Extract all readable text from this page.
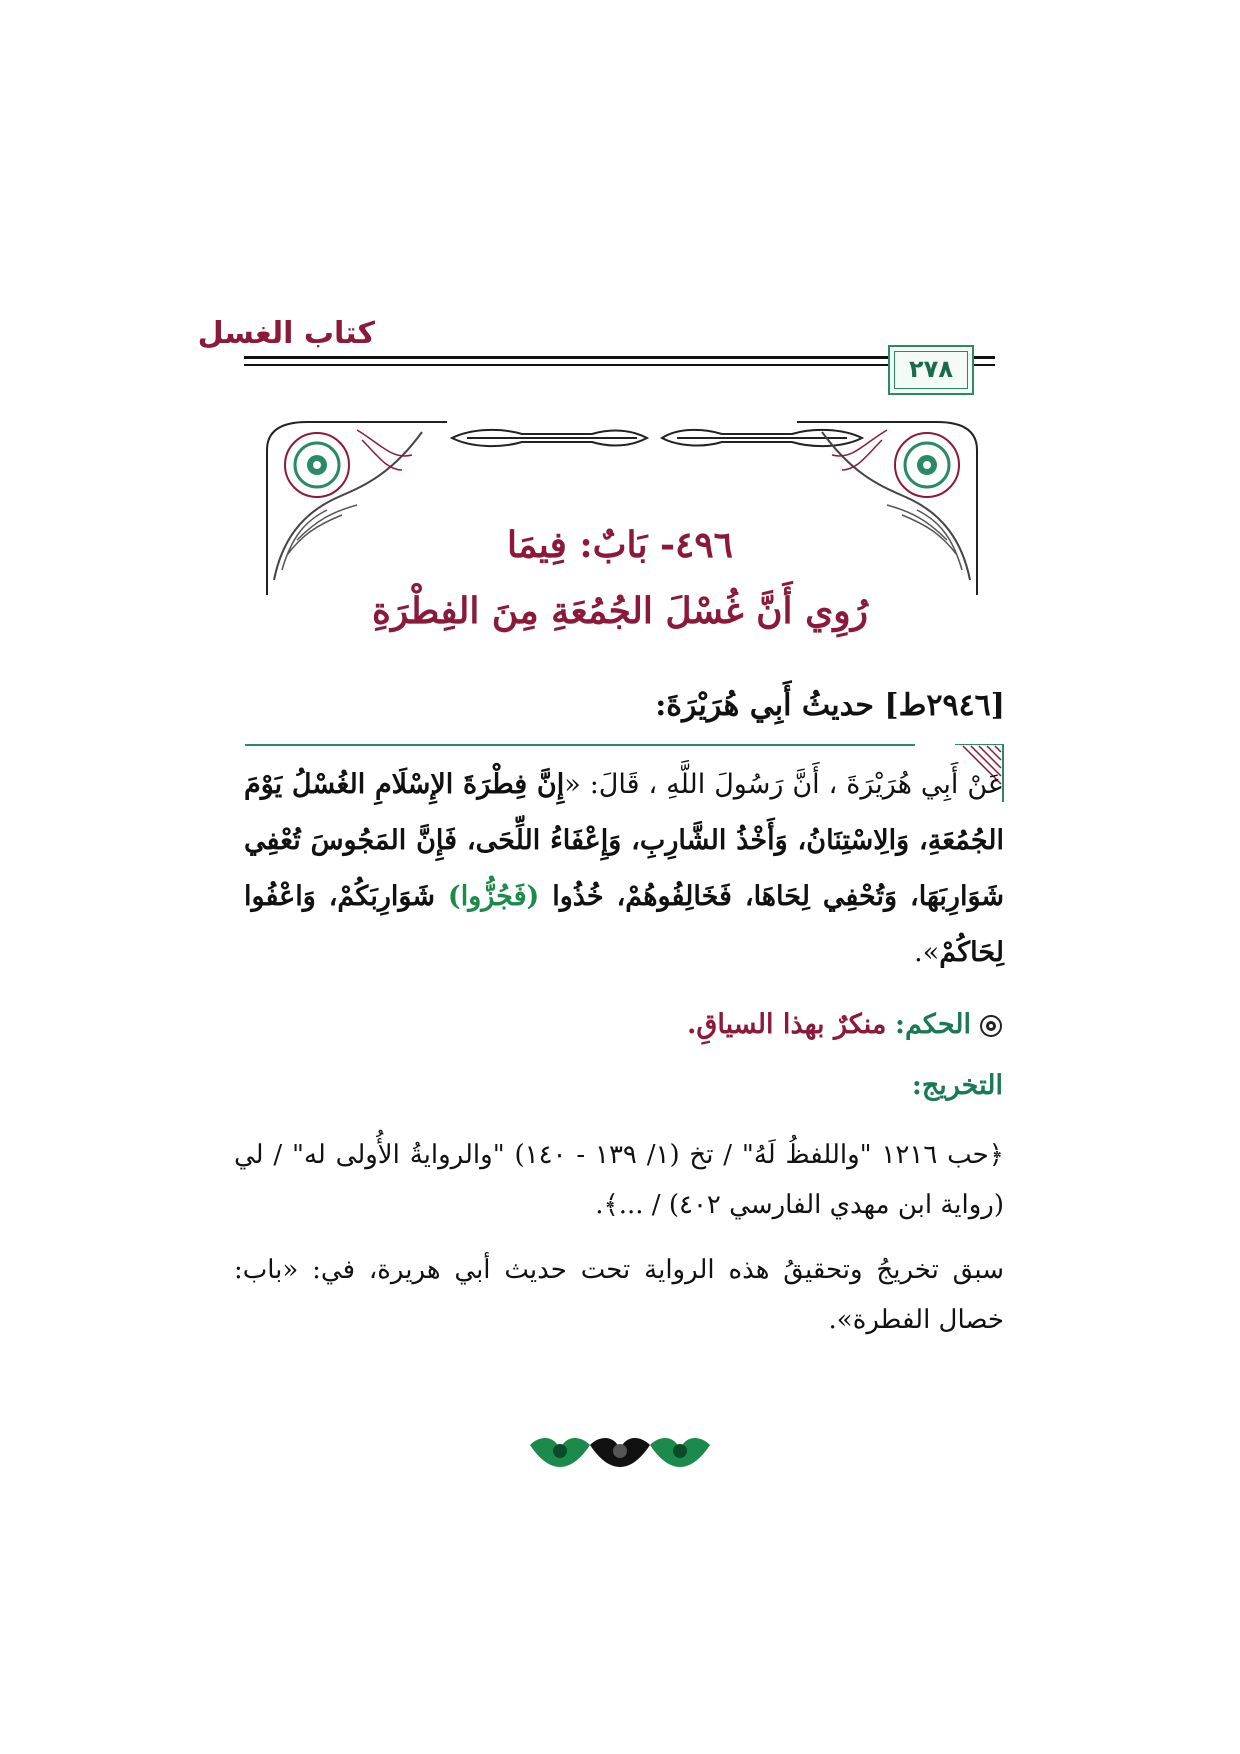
كتاب الغسل
٢٧٨
٤٩٦- بَابٌ: فِيمَا
رُوِي أَنَّ غُسْلَ الجُمُعَةِ مِنَ الفِطْرَةِ
[٢٩٤٦ط] حديثُ أَبِي هُرَيْرَةَ:
عَنْ أَبِي هُرَيْرَةَ ، أَنَّ رَسُولَ اللَّهِ ، قَالَ: «إِنَّ فِطْرَةَ الإِسْلَامِ الغُسْلُ يَوْمَ الجُمُعَةِ، وَالِاسْتِنَانُ، وَأَخْذُ الشَّارِبِ، وَإِعْفَاءُ اللِّحَى، فَإِنَّ المَجُوسَ تُعْفِي شَوَارِبَهَا، وَتُحْفِي لِحَاهَا، فَخَالِفُوهُمْ، خُذُوا (فَجُزُّوا) شَوَارِبَكُمْ، وَاعْفُوا لِحَاكُمْ».
الحكم: منكرٌ بهذا السياقِ.
التخريج:
﴿حب ١٢١٦ "واللفظُ لَهُ" / تخ (١/ ١٣٩ - ١٤٠) "والروايةُ الأُولى له" / لي (رواية ابن مهدي الفارسي ٤٠٢) / ...﴾.
سبق تخريجُ وتحقيقُ هذه الرواية تحت حديث أبي هريرة، في: «باب: خصال الفطرة».
